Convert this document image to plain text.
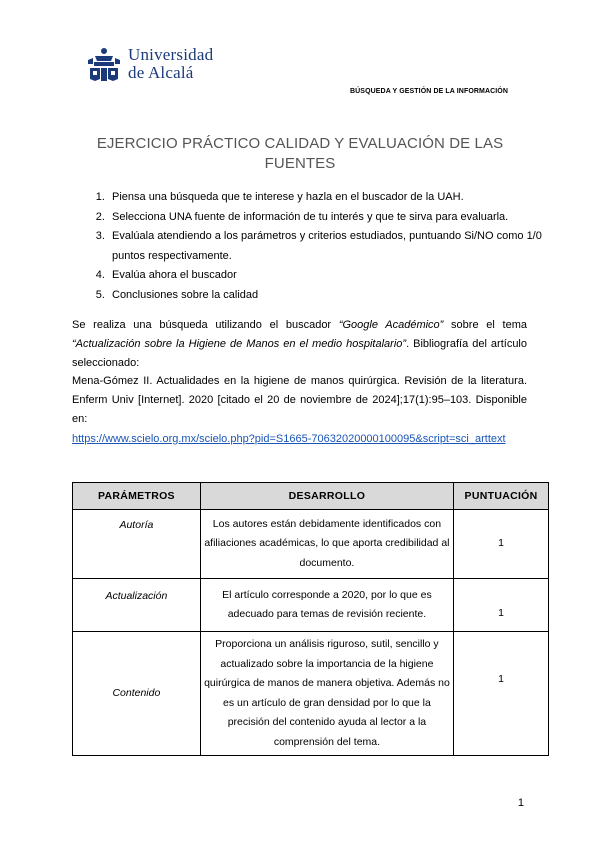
Universidad
de Alcalá
BÚSQUEDA Y GESTIÓN DE LA INFORMACIÓN
EJERCICIO PRÁCTICO CALIDAD Y EVALUACIÓN DE LAS FUENTES
1. Piensa una búsqueda que te interese y hazla en el buscador de la UAH.
2. Selecciona UNA fuente de información de tu interés y que te sirva para evaluarla.
3. Evalúala atendiendo a los parámetros y criterios estudiados, puntuando Si/NO como 1/0 puntos respectivamente.
4. Evalúa ahora el buscador
5. Conclusiones sobre la calidad
Se realiza una búsqueda utilizando el buscador “Google Académico” sobre el tema “Actualización sobre la Higiene de Manos en el medio hospitalario”. Bibliografía del artículo seleccionado:
Mena-Gómez II. Actualidades en la higiene de manos quirúrgica. Revisión de la literatura. Enferm Univ [Internet]. 2020 [citado el 20 de noviembre de 2024];17(1):95–103. Disponible en:
https://www.scielo.org.mx/scielo.php?pid=S1665-70632020000100095&script=sci_arttext
PARÁMETROS	DESARROLLO	PUNTUACIÓN
Autoría	Los autores están debidamente identificados con afiliaciones académicas, lo que aporta credibilidad al documento.	1
Actualización	El artículo corresponde a 2020, por lo que es adecuado para temas de revisión reciente.	1
Contenido	Proporciona un análisis riguroso, sutil, sencillo y actualizado sobre la importancia de la higiene quirúrgica de manos de manera objetiva. Además no es un artículo de gran densidad por lo que la precisión del contenido ayuda al lector a la comprensión del tema.	1
1
